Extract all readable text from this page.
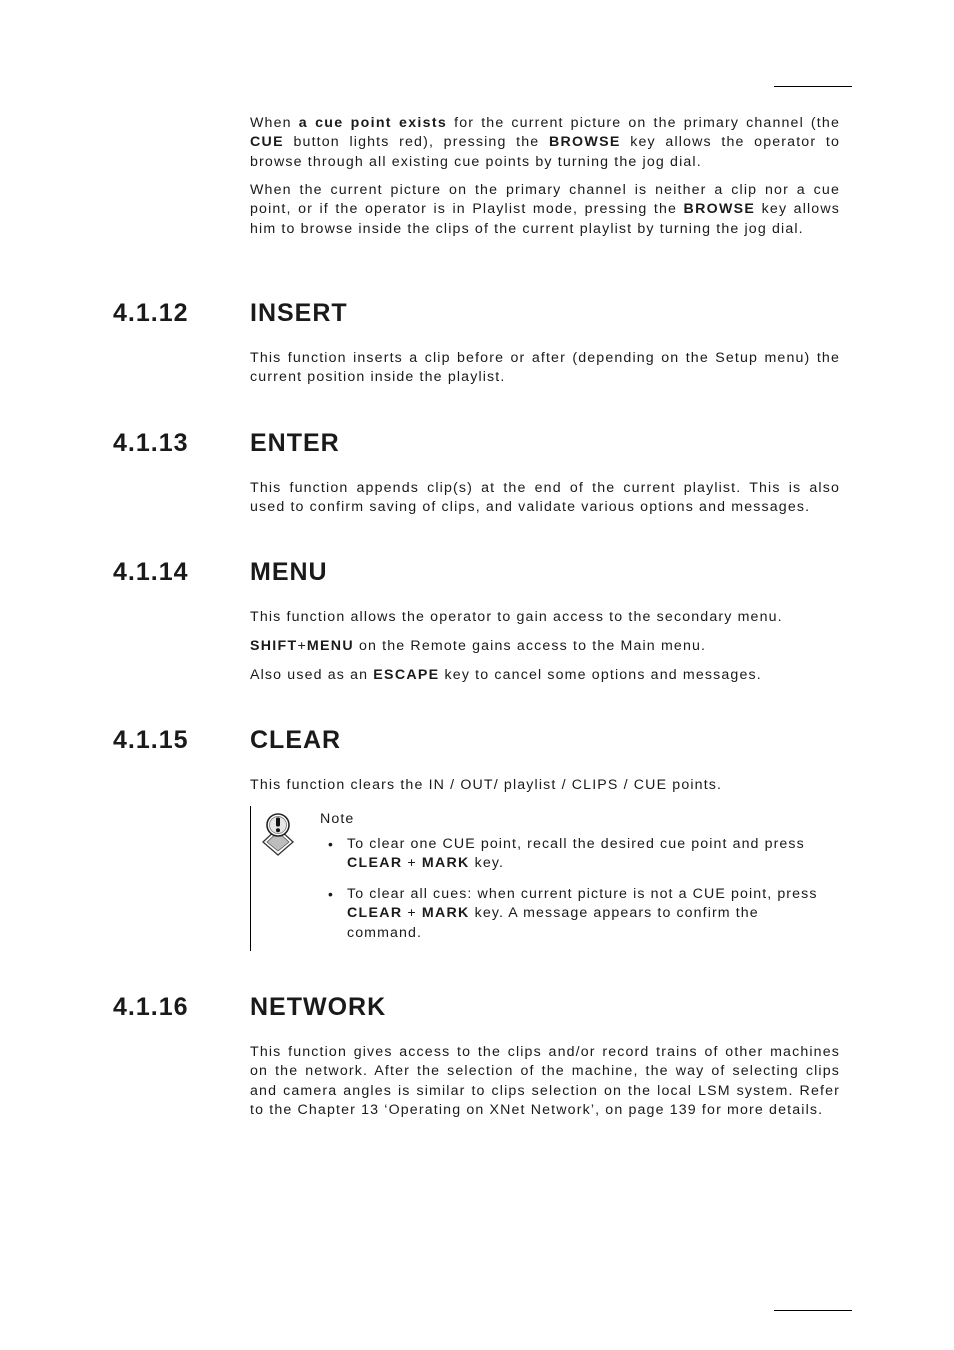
When a cue point exists for the current picture on the primary channel (the CUE button lights red), pressing the BROWSE key allows the operator to browse through all existing cue points by turning the jog dial.

When the current picture on the primary channel is neither a clip nor a cue point, or if the operator is in Playlist mode, pressing the BROWSE key allows him to browse inside the clips of the current playlist by turning the jog dial.

4.1.12 INSERT

This function inserts a clip before or after (depending on the Setup menu) the current position inside the playlist.

4.1.13 ENTER

This function appends clip(s) at the end of the current playlist. This is also used to confirm saving of clips, and validate various options and messages.

4.1.14 MENU

This function allows the operator to gain access to the secondary menu.

SHIFT+MENU on the Remote gains access to the Main menu.

Also used as an ESCAPE key to cancel some options and messages.

4.1.15 CLEAR

This function clears the IN / OUT/ playlist / CLIPS / CUE points.

Note
• To clear one CUE point, recall the desired cue point and press CLEAR + MARK key.

• To clear all cues: when current picture is not a CUE point, press CLEAR + MARK key. A message appears to confirm the command.

4.1.16 NETWORK

This function gives access to the clips and/or record trains of other machines on the network. After the selection of the machine, the way of selecting clips and camera angles is similar to clips selection on the local LSM system. Refer to the Chapter 13 ‘Operating on XNet Network’, on page 139 for more details.
